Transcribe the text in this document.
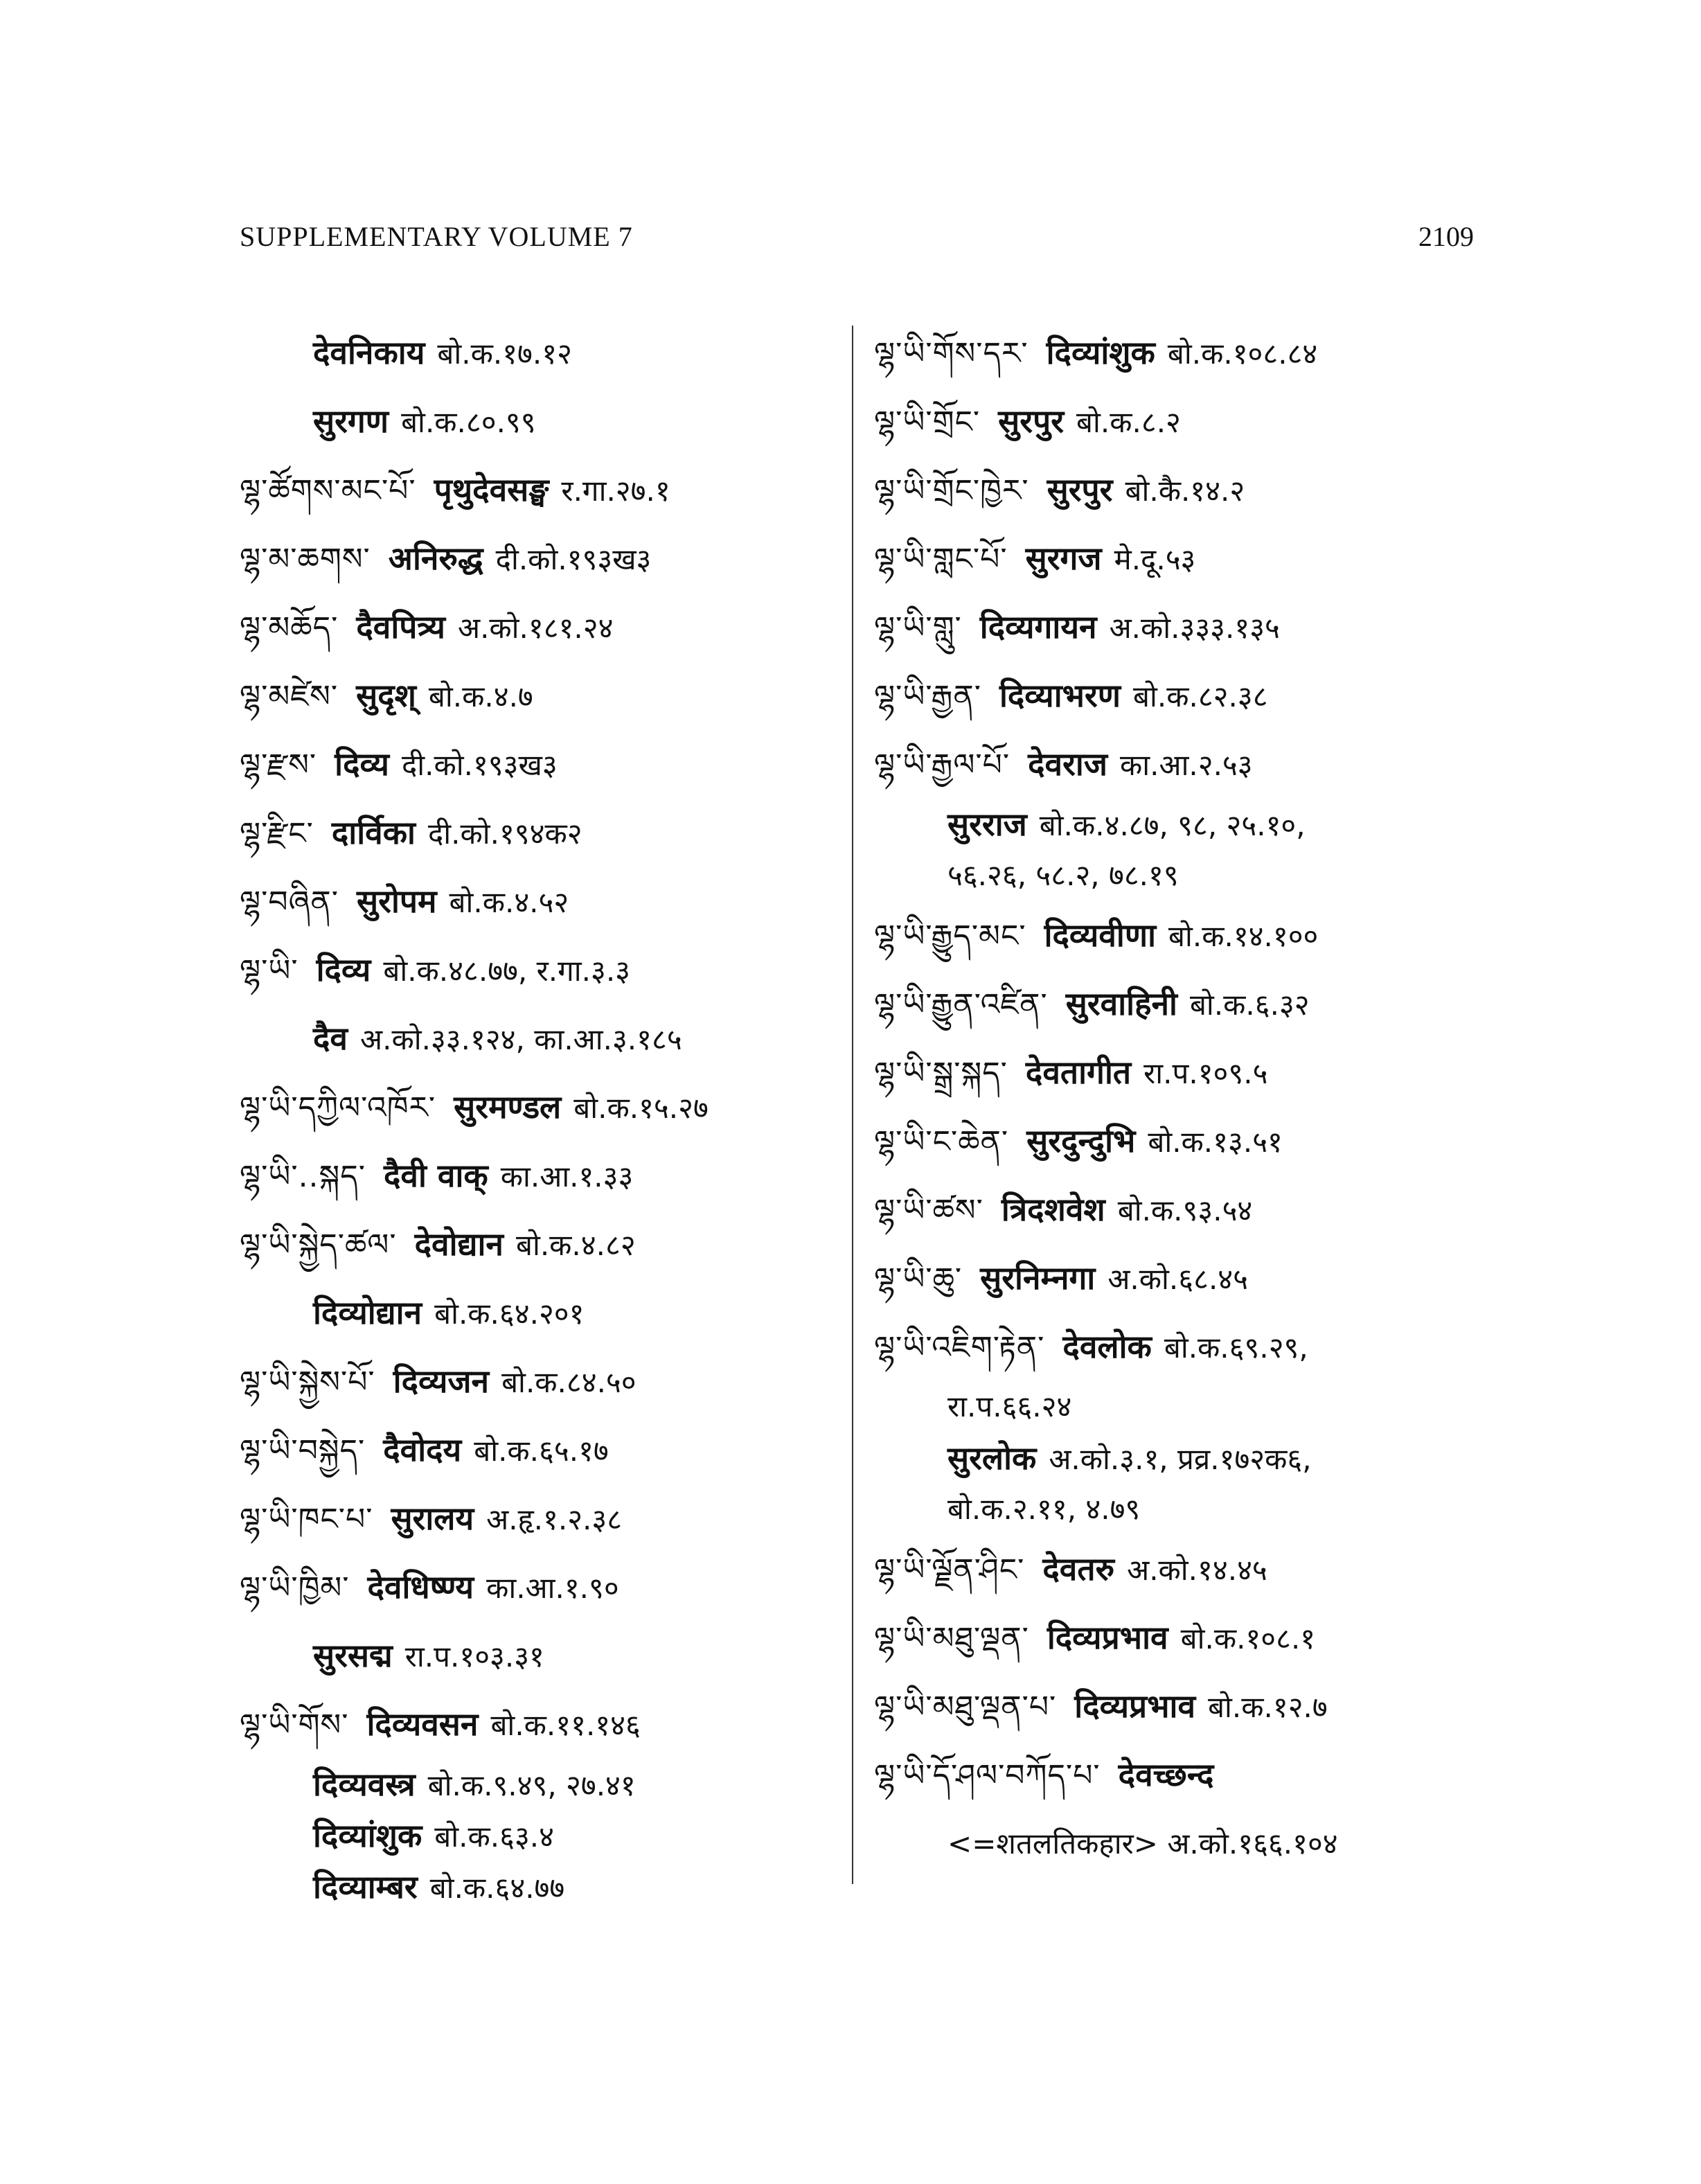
SUPPLEMENTARY VOLUME 7	2109
देवनिकाय बो.क.१७.१२
सुरगण बो.क.८०.९९
ལྷ་ཚོགས་མང་པོ་ पृथुदेवसङ्घ र.गा.२७.१
ལྷ་མ་ཆགས་ अनिरुद्ध दी.को.१९३ख३
ལྷ་མཆོད་ दैवपित्र्य अ.को.१८१.२४
ལྷ་མཛེས་ सुदृश् बो.क.४.७
ལྷ་རྫས་ दिव्य दी.को.१९३ख३
ལྷ་རྫིང་ दार्विका दी.को.१९४क२
ལྷ་བཞིན་ सुरोपम बो.क.४.५२
ལྷ་ཡི་ दिव्य बो.क.४८.७७, र.गा.३.३
दैव अ.को.३३.१२४, का.आ.३.१८५
ལྷ་ཡི་དཀྱིལ་འཁོར་ सुरमण्डल बो.क.१५.२७
ལྷ་ཡི་..སྐད་ दैवी वाक् का.आ.१.३३
ལྷ་ཡི་སྐྱེད་ཚལ་ देवोद्यान बो.क.४.८२
दिव्योद्यान बो.क.६४.२०१
ལྷ་ཡི་སྐྱེས་པོ་ दिव्यजन बो.क.८४.५०
ལྷ་ཡི་བསྐྱེད་ दैवोदय बो.क.६५.१७
ལྷ་ཡི་ཁང་པ་ सुरालय अ.हृ.१.२.३८
ལྷ་ཡི་ཁྱིམ་ देवधिष्ण्य का.आ.१.९०
सुरसद्म रा.प.१०३.३१
ལྷ་ཡི་གོས་ दिव्यवसन बो.क.११.१४६
दिव्यवस्त्र बो.क.९.४९, २७.४१
दिव्यांशुक बो.क.६३.४
दिव्याम्बर बो.क.६४.७७
ལྷ་ཡི་གོས་དར་ दिव्यांशुक बो.क.१०८.८४
ལྷ་ཡི་གྲོང་ सुरपुर बो.क.८.२
ལྷ་ཡི་གྲོང་ཁྱེར་ सुरपुर बो.कै.१४.२
ལྷ་ཡི་གླང་པོ་ सुरगज मे.दू.५३
ལྷ་ཡི་གླུ་ दिव्यगायन अ.को.३३३.१३५
ལྷ་ཡི་རྒྱན་ दिव्याभरण बो.क.८२.३८
ལྷ་ཡི་རྒྱལ་པོ་ देवराज का.आ.२.५३
सुरराज बो.क.४.८७, ९८, २५.१०,
५६.२६, ५८.२, ७८.१९
ལྷ་ཡི་རྒྱུད་མང་ दिव्यवीणा बो.क.१४.१००
ལྷ་ཡི་རྒྱུན་འཛིན་ सुरवाहिनी बो.क.६.३२
ལྷ་ཡི་སྒྲ་སྐད་ देवतागीत रा.प.१०९.५
ལྷ་ཡི་ང་ཆེན་ सुरदुन्दुभि बो.क.१३.५१
ལྷ་ཡི་ཚས་ त्रिदशवेश बो.क.९३.५४
ལྷ་ཡི་ཆུ་ सुरनिम्नगा अ.को.६८.४५
ལྷ་ཡི་འཇིག་རྟེན་ देवलोक बो.क.६९.२९,
रा.प.६६.२४
सुरलोक अ.को.३.१, प्रव्र.१७२क६,
बो.क.२.११, ४.७९
ལྷ་ཡི་ལྗོན་ཤིང་ देवतरु अ.को.१४.४५
ལྷ་ཡི་མཐུ་ལྡན་ दिव्यप्रभाव बो.क.१०८.१
ལྷ་ཡི་མཐུ་ལྡན་པ་ दिव्यप्रभाव बो.क.१२.७
ལྷ་ཡི་དོ་ཤལ་བཀོད་པ་ देवच्छन्द
<=शतलतिकहार> अ.को.१६६.१०४
